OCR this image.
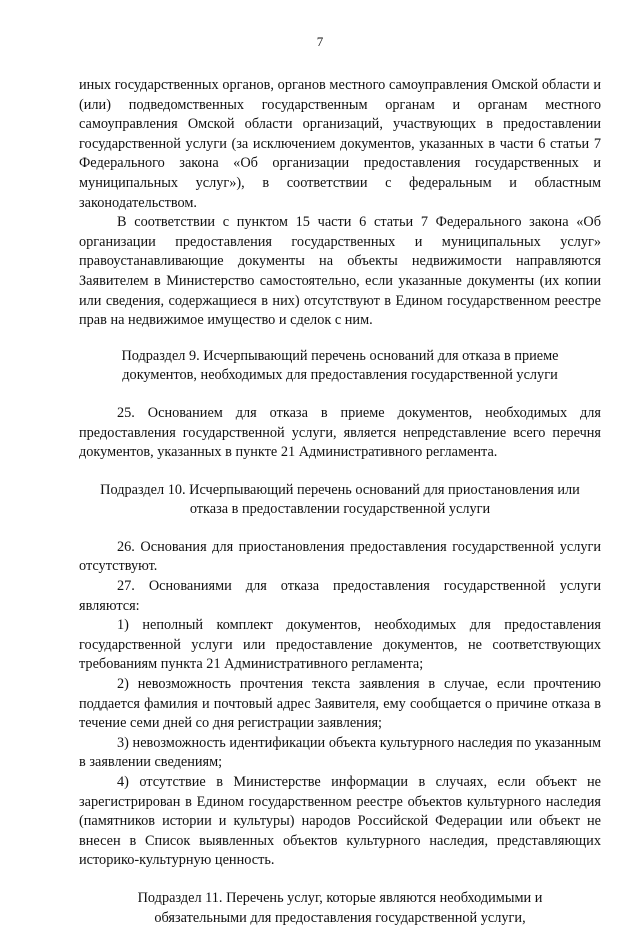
7

иных государственных органов, органов местного самоуправления Омской области и (или) подведомственных государственным органам и органам местного самоуправления Омской области организаций, участвующих в предоставлении государственной услуги (за исключением документов, указанных в части 6 статьи 7 Федерального закона «Об организации предоставления государственных и муниципальных услуг»), в соответствии с федеральным и областным законодательством.

В соответствии с пунктом 15 части 6 статьи 7 Федерального закона «Об организации предоставления государственных и муниципальных услуг» правоустанавливающие документы на объекты недвижимости направляются Заявителем в Министерство самостоятельно, если указанные документы (их копии или сведения, содержащиеся в них) отсутствуют в Едином государственном реестре прав на недвижимое имущество и сделок с ним.

Подраздел 9. Исчерпывающий перечень оснований для отказа в приеме документов, необходимых для предоставления государственной услуги

25. Основанием для отказа в приеме документов, необходимых для предоставления государственной услуги, является непредставление всего перечня документов, указанных в пункте 21 Административного регламента.

Подраздел 10. Исчерпывающий перечень оснований для приостановления или отказа в предоставлении государственной услуги

26. Основания для приостановления предоставления государственной услуги отсутствуют.

27. Основаниями для отказа предоставления государственной услуги являются:

1) неполный комплект документов, необходимых для предоставления государственной услуги или предоставление документов, не соответствующих требованиям пункта 21 Административного регламента;

2) невозможность прочтения текста заявления в случае, если прочтению поддается фамилия и почтовый адрес Заявителя, ему сообщается о причине отказа в течение семи дней со дня регистрации заявления;

3) невозможность идентификации объекта культурного наследия по указанным в заявлении сведениям;

4) отсутствие в Министерстве информации в случаях, если объект не зарегистрирован в Едином государственном реестре объектов культурного наследия (памятников истории и культуры) народов Российской Федерации или объект не внесен в Список выявленных объектов культурного наследия, представляющих историко-культурную ценность.

Подраздел 11. Перечень услуг, которые являются необходимыми и обязательными для предоставления государственной услуги,
